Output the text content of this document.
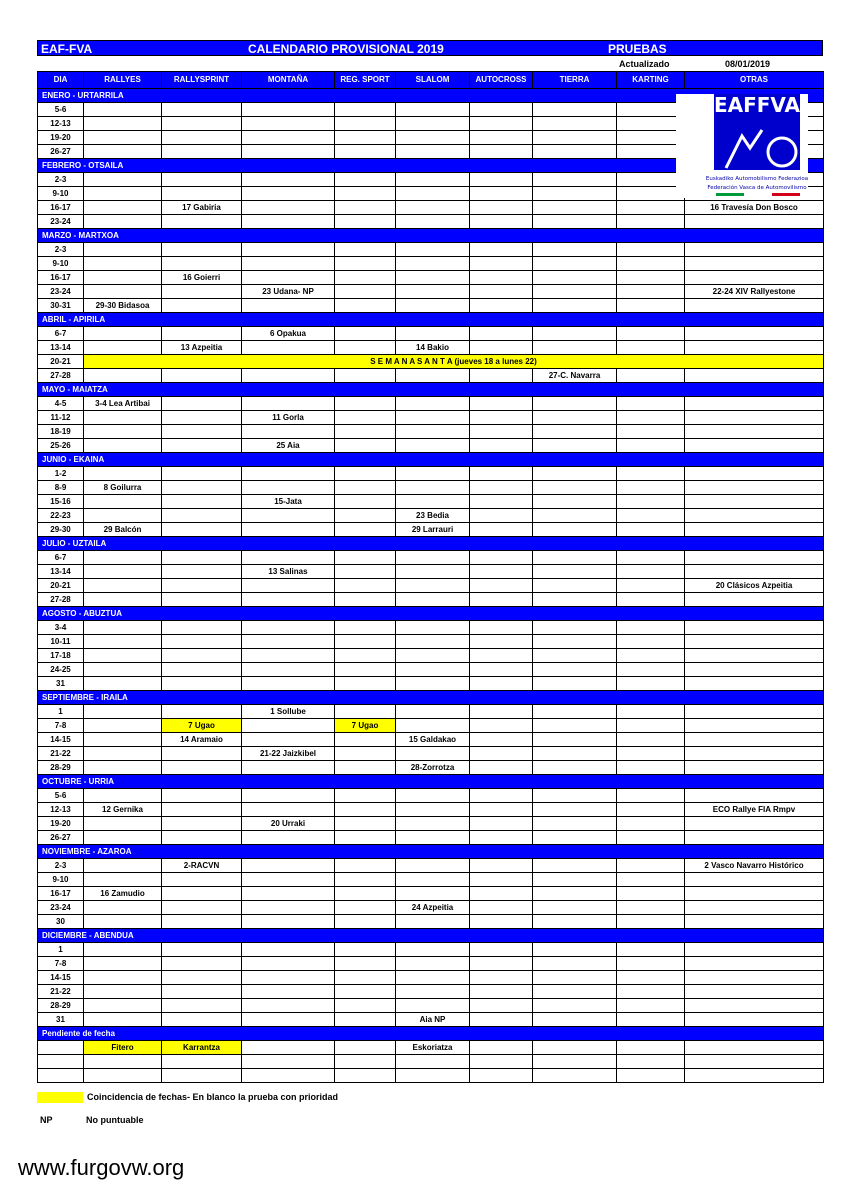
EAF-FVA	CALENDARIO PROVISIONAL 2019	PRUEBAS
Actualizado	08/01/2019
DIA	RALLYES	RALLYSPRINT	MONTAÑA	REG. SPORT	SLALOM	AUTOCROSS	TIERRA	KARTING	OTRAS
ENERO - URTARRILA									
5-6									
12-13									
19-20									
26-27									
FEBRERO - OTSAILA									
2-3									
9-10									
16-17		17 Gabiria							16 Travesía Don Bosco
23-24									
MARZO - MARTXOA									
2-3									
9-10									
16-17		16 Goierri							
23-24			23 Udana- NP						22-24 XIV Rallyestone
30-31	29-30 Bidasoa								
ABRIL - APIRILA									
6-7			6 Opakua						
13-14		13 Azpeitia			14 Bakio				
20-21	S E M A N A S A N T A (jueves 18 a lunes 22)								
27-28							27-C. Navarra		
MAYO - MAIATZA									
4-5	3-4 Lea Artibai								
11-12			11 Gorla						
18-19									
25-26			25 Aia						
JUNIO - EKAINA									
1-2									
8-9	8 Goilurra								
15-16			15-Jata						
22-23					23 Bedia				
29-30	29 Balcón				29 Larrauri				
JULIO - UZTAILA									
6-7									
13-14			13 Salinas						
20-21									20 Clásicos Azpeitia
27-28									
AGOSTO - ABUZTUA									
3-4									
10-11									
17-18									
24-25									
31									
SEPTIEMBRE - IRAILA									
1			1 Sollube						
7-8		7 Ugao		7 Ugao					
14-15		14 Aramaio			15 Galdakao				
21-22			21-22 Jaizkibel						
28-29					28-Zorrotza				
OCTUBRE - URRIA									
5-6									
12-13	12 Gernika								ECO Rallye FIA Rmpv
19-20			20 Urraki						
26-27									
NOVIEMBRE - AZAROA									
2-3		2-RACVN							2 Vasco Navarro Histórico
9-10									
16-17	16 Zamudio								
23-24					24 Azpeitia				
30									
DICIEMBRE - ABENDUA									
1									
7-8									
14-15									
21-22									
28-29									
31					Aia NP				
Pendiente de fecha									
	Fitero	Karrantza			Eskoriatza				

EAFFVA
Euskadiko Automobilismo Federazioa
Federación Vasca de Automovilismo
Coincidencia de fechas- En blanco la prueba con prioridad
NP	No puntuable
www.furgovw.org
